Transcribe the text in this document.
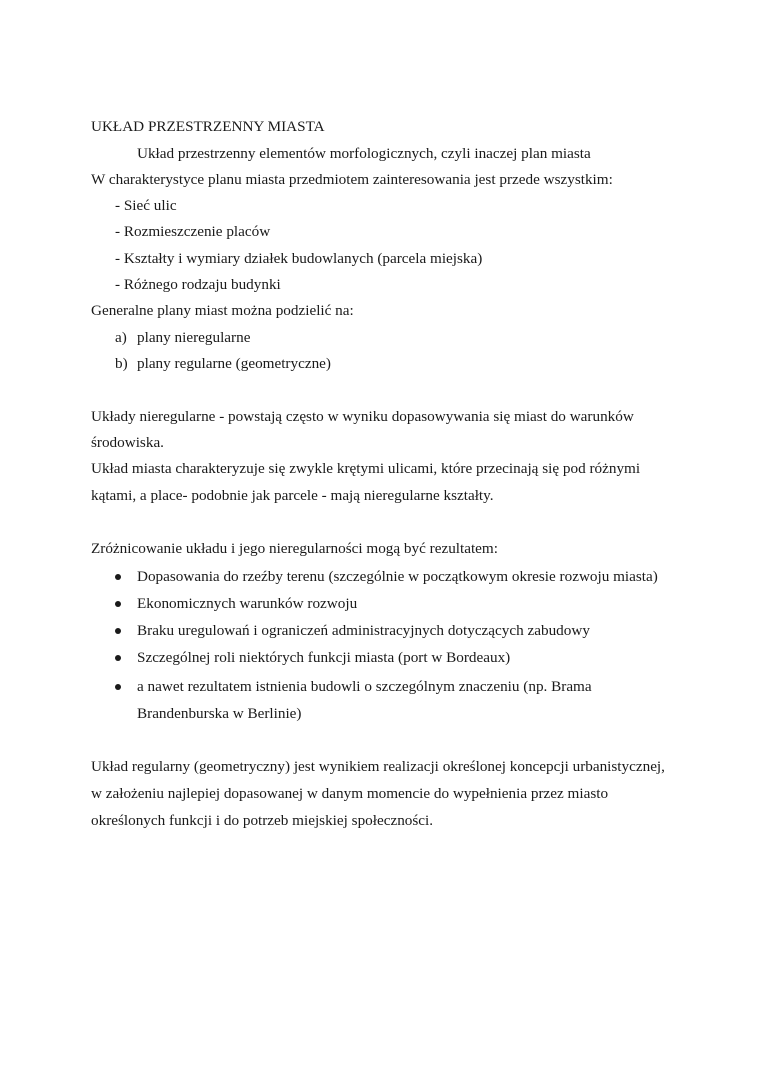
UKŁAD PRZESTRZENNY MIASTA
Układ przestrzenny elementów morfologicznych, czyli inaczej plan miasta
W charakterystyce planu miasta przedmiotem zainteresowania jest przede wszystkim:
- Sieć ulic
- Rozmieszczenie placów
- Kształty i wymiary działek budowlanych (parcela miejska)
- Różnego rodzaju budynki
Generalne plany miast można podzielić na:
a) plany nieregularne
b) plany regularne (geometryczne)
Układy nieregularne - powstają często w wyniku dopasowywania się miast do warunków
środowiska.
Układ miasta charakteryzuje się zwykle krętymi ulicami, które przecinają się pod różnymi
kątami, a place- podobnie jak parcele - mają nieregularne kształty.
Zróżnicowanie układu i jego nieregularności mogą być rezultatem:
Dopasowania do rzeźby terenu (szczególnie w początkowym okresie rozwoju miasta)
Ekonomicznych warunków rozwoju
Braku uregulowań i ograniczeń administracyjnych dotyczących zabudowy
Szczególnej roli niektórych funkcji miasta (port w Bordeaux)
a nawet rezultatem istnienia budowli o szczególnym znaczeniu (np. Brama
Brandenburska w Berlinie)
Układ regularny (geometryczny) jest wynikiem realizacji określonej koncepcji urbanistycznej,
w założeniu najlepiej dopasowanej w danym momencie do wypełnienia przez miasto
określonych funkcji i do potrzeb miejskiej społeczności.
